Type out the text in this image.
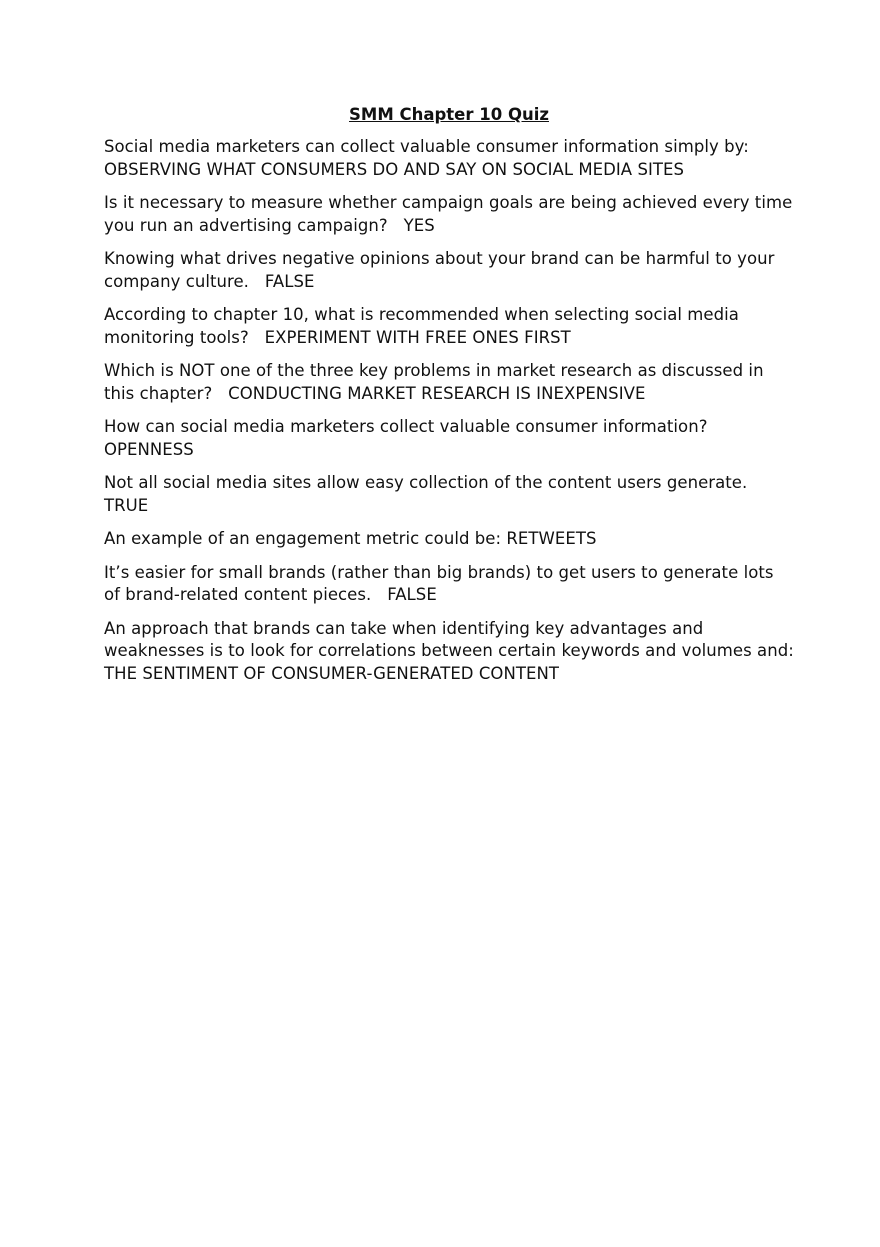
SMM Chapter 10 Quiz
Social media marketers can collect valuable consumer information simply by: OBSERVING WHAT CONSUMERS DO AND SAY ON SOCIAL MEDIA SITES
Is it necessary to measure whether campaign goals are being achieved every time you run an advertising campaign?   YES
Knowing what drives negative opinions about your brand can be harmful to your company culture.   FALSE
According to chapter 10, what is recommended when selecting social media monitoring tools?   EXPERIMENT WITH FREE ONES FIRST
Which is NOT one of the three key problems in market research as discussed in this chapter?   CONDUCTING MARKET RESEARCH IS INEXPENSIVE
How can social media marketers collect valuable consumer information?   OPENNESS
Not all social media sites allow easy collection of the content users generate.   TRUE
An example of an engagement metric could be: RETWEETS
It’s easier for small brands (rather than big brands) to get users to generate lots of brand-related content pieces.   FALSE
An approach that brands can take when identifying key advantages and weaknesses is to look for correlations between certain keywords and volumes and: THE SENTIMENT OF CONSUMER-GENERATED CONTENT
